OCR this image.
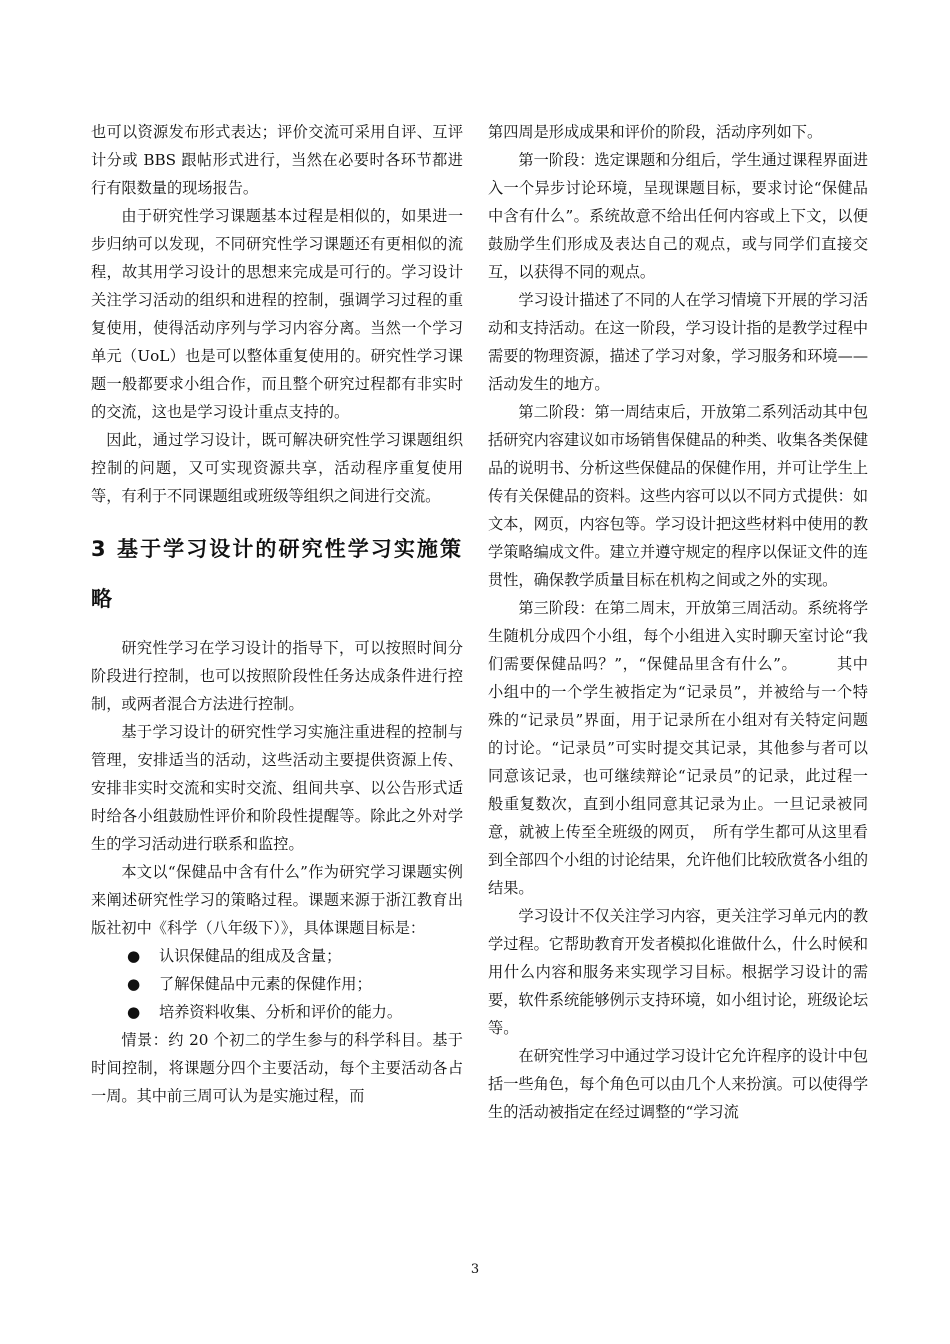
也可以资源发布形式表达；评价交流可采用自评、互评计分或 BBS 跟帖形式进行，当然在必要时各环节都进行有限数量的现场报告。

由于研究性学习课题基本过程是相似的，如果进一步归纳可以发现，不同研究性学习课题还有更相似的流程，故其用学习设计的思想来完成是可行的。学习设计关注学习活动的组织和进程的控制，强调学习过程的重复使用，使得活动序列与学习内容分离。当然一个学习单元（UoL）也是可以整体重复使用的。研究性学习课题一般都要求小组合作，而且整个研究过程都有非实时的交流，这也是学习设计重点支持的。

因此，通过学习设计，既可解决研究性学习课题组织控制的问题，又可实现资源共享，活动程序重复使用等，有利于不同课题组或班级等组织之间进行交流。

3 基于学习设计的研究性学习实施策略

研究性学习在学习设计的指导下，可以按照时间分阶段进行控制，也可以按照阶段性任务达成条件进行控制，或两者混合方法进行控制。

基于学习设计的研究性学习实施注重进程的控制与管理，安排适当的活动，这些活动主要提供资源上传、安排非实时交流和实时交流、组间共享、以公告形式适时给各小组鼓励性评价和阶段性提醒等。除此之外对学生的学习活动进行联系和监控。

本文以“保健品中含有什么”作为研究学习课题实例来阐述研究性学习的策略过程。课题来源于浙江教育出版社初中《科学（八年级下）》，具体课题目标是：

● 认识保健品的组成及含量；
● 了解保健品中元素的保健作用；
● 培养资料收集、分析和评价的能力。

情景：约 20 个初二的学生参与的科学科目。基于时间控制，将课题分四个主要活动，每个主要活动各占一周。其中前三周可认为是实施过程，而

第四周是形成成果和评价的阶段，活动序列如下。

第一阶段：选定课题和分组后，学生通过课程界面进入一个异步讨论环境，呈现课题目标，要求讨论“保健品中含有什么”。系统故意不给出任何内容或上下文，以便鼓励学生们形成及表达自己的观点，或与同学们直接交互，以获得不同的观点。

学习设计描述了不同的人在学习情境下开展的学习活动和支持活动。在这一阶段，学习设计指的是教学过程中需要的物理资源，描述了学习对象，学习服务和环境——活动发生的地方。

第二阶段：第一周结束后，开放第二系列活动其中包括研究内容建议如市场销售保健品的种类、收集各类保健品的说明书、分析这些保健品的保健作用，并可让学生上传有关保健品的资料。这些内容可以以不同方式提供：如文本，网页，内容包等。学习设计把这些材料中使用的教学策略编成文件。建立并遵守规定的程序以保证文件的连贯性，确保教学质量目标在机构之间或之外的实现。

第三阶段：在第二周末，开放第三周活动。系统将学生随机分成四个小组，每个小组进入实时聊天室讨论“我们需要保健品吗？”，“保健品里含有什么”。　　　其中小组中的一个学生被指定为“记录员”，并被给与一个特殊的“记录员”界面，用于记录所在小组对有关特定问题的讨论。“记录员”可实时提交其记录，其他参与者可以同意该记录，也可继续辩论“记录员”的记录，此过程一般重复数次，直到小组同意其记录为止。一旦记录被同意，就被上传至全班级的网页，　所有学生都可从这里看到全部四个小组的讨论结果，允许他们比较欣赏各小组的结果。

学习设计不仅关注学习内容，更关注学习单元内的教学过程。它帮助教育开发者模拟化谁做什么，什么时候和用什么内容和服务来实现学习目标。根据学习设计的需要，软件系统能够例示支持环境，如小组讨论，班级论坛等。

在研究性学习中通过学习设计它允许程序的设计中包括一些角色，每个角色可以由几个人来扮演。可以使得学生的活动被指定在经过调整的“学习流

3
